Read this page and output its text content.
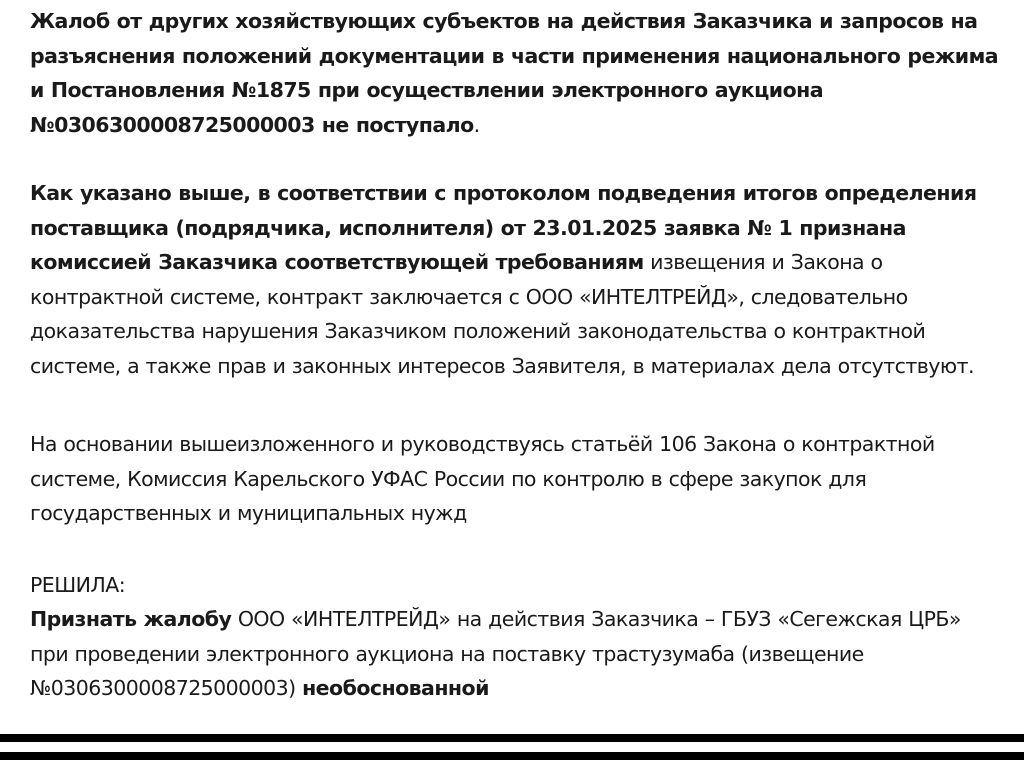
Жалоб от других хозяйствующих субъектов на действия Заказчика и запросов на разъяснения положений документации в части применения национального режима и Постановления №1875 при осуществлении электронного аукциона №0306300008725000003 не поступало.

Как указано выше, в соответствии с протоколом подведения итогов определения поставщика (подрядчика, исполнителя) от 23.01.2025 заявка № 1 признана комиссией Заказчика соответствующей требованиям извещения и Закона о контрактной системе, контракт заключается с ООО «ИНТЕЛТРЕЙД», следовательно доказательства нарушения Заказчиком положений законодательства о контрактной системе, а также прав и законных интересов Заявителя, в материалах дела отсутствуют.

На основании вышеизложенного и руководствуясь статьёй 106 Закона о контрактной системе, Комиссия Карельского УФАС России по контролю в сфере закупок для государственных и муниципальных нужд

РЕШИЛА:

Признать жалобу ООО «ИНТЕЛТРЕЙД» на действия Заказчика – ГБУЗ «Сегежская ЦРБ» при проведении электронного аукциона на поставку трастузумаба (извещение №0306300008725000003) необоснованной
